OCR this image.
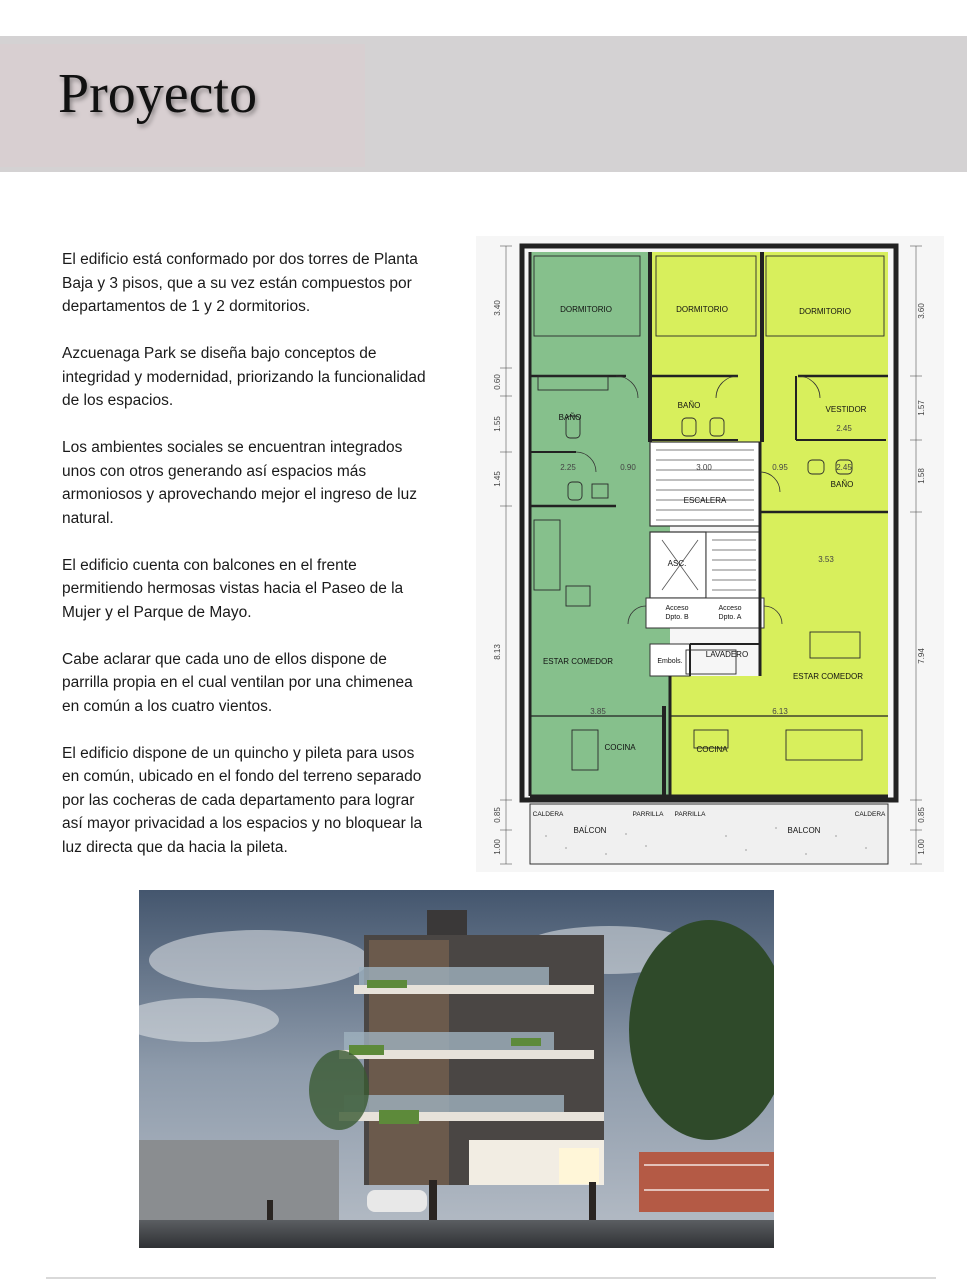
Proyecto

El edificio está conformado por dos torres de Planta Baja y 3 pisos, que a su vez están compuestos por departamentos de 1 y 2 dormitorios.

Azcuenaga Park se diseña bajo conceptos de integridad y modernidad, priorizando la funcionalidad de los espacios.

Los ambientes sociales se encuentran integrados unos con otros generando así espacios más armoniosos y aprovechando mejor el ingreso de luz natural.

El edificio cuenta con balcones en el frente permitiendo hermosas vistas hacia el Paseo de la Mujer y el Parque de Mayo.

Cabe aclarar que cada uno de ellos dispone de parrilla propia en el cual ventilan por una chimenea en común a los cuatro vientos.

El edificio dispone de un quincho y pileta para usos en común, ubicado en el fondo del terreno separado por las cocheras de cada departamento para lograr así mayor privacidad a los espacios y no bloquear la luz directa que da hacia la pileta.

DORMITORIO	DORMITORIO	DORMITORIO
BAÑO
BAÑO	VESTIDOR
BAÑO
ESCALERA
ASC.
Acceso Dpto. B
Acceso Dpto. A
Embols.
LAVADERO
ESTAR COMEDOR
ESTAR COMEDOR
COCINA	COCINA
CALDERA	PARRILLA PARRILLA	CALDERA
BALCON	BALCON
2.25	0.90	3.00	0.95
2.45
2.45
3.53
3.85	6.13
3.40
0.60
1.55
1.45
8.13
0.85
1.00
3.60
1.57
1.58
7.94
0.85
1.00
